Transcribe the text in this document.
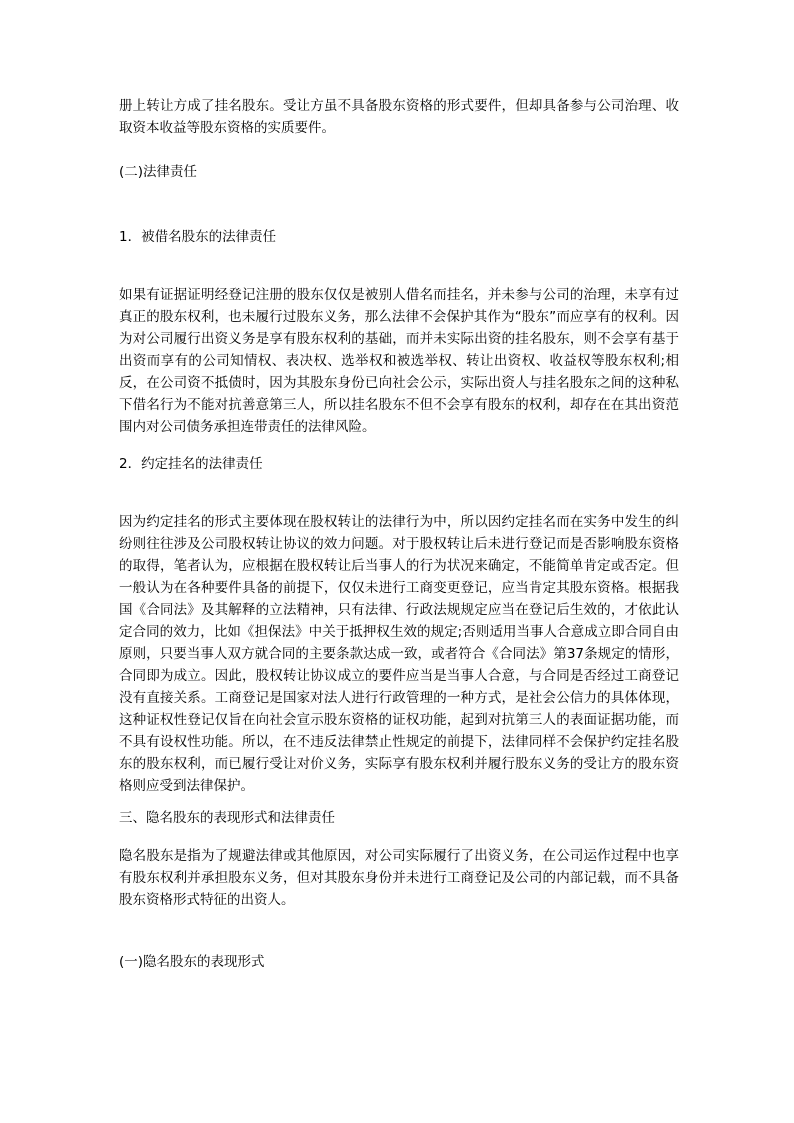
册上转让方成了挂名股东。受让方虽不具备股东资格的形式要件，但却具备参与公司治理、收取资本收益等股东资格的实质要件。

(二)法律责任

1．被借名股东的法律责任

如果有证据证明经登记注册的股东仅仅是被别人借名而挂名，并未参与公司的治理，未享有过真正的股东权利，也未履行过股东义务，那么法律不会保护其作为“股东”而应享有的权利。因为对公司履行出资义务是享有股东权利的基础，而并未实际出资的挂名股东，则不会享有基于出资而享有的公司知情权、表决权、选举权和被选举权、转让出资权、收益权等股东权利;相反，在公司资不抵债时，因为其股东身份已向社会公示，实际出资人与挂名股东之间的这种私下借名行为不能对抗善意第三人，所以挂名股东不但不会享有股东的权利，却存在在其出资范围内对公司债务承担连带责任的法律风险。

2．约定挂名的法律责任

因为约定挂名的形式主要体现在股权转让的法律行为中，所以因约定挂名而在实务中发生的纠纷则往往涉及公司股权转让协议的效力问题。对于股权转让后未进行登记而是否影响股东资格的取得，笔者认为，应根据在股权转让后当事人的行为状况来确定，不能简单肯定或否定。但一般认为在各种要件具备的前提下，仅仅未进行工商变更登记，应当肯定其股东资格。根据我国《合同法》及其解释的立法精神，只有法律、行政法规规定应当在登记后生效的，才依此认定合同的效力，比如《担保法》中关于抵押权生效的规定;否则适用当事人合意成立即合同自由原则，只要当事人双方就合同的主要条款达成一致，或者符合《合同法》第37条规定的情形，合同即为成立。因此，股权转让协议成立的要件应当是当事人合意，与合同是否经过工商登记没有直接关系。工商登记是国家对法人进行行政管理的一种方式，是社会公信力的具体体现，这种证权性登记仅旨在向社会宣示股东资格的证权功能，起到对抗第三人的表面证据功能，而不具有设权性功能。所以，在不违反法律禁止性规定的前提下，法律同样不会保护约定挂名股东的股东权利，而已履行受让对价义务，实际享有股东权利并履行股东义务的受让方的股东资格则应受到法律保护。

三、隐名股东的表现形式和法律责任

隐名股东是指为了规避法律或其他原因，对公司实际履行了出资义务，在公司运作过程中也享有股东权利并承担股东义务，但对其股东身份并未进行工商登记及公司的内部记载，而不具备股东资格形式特征的出资人。

(一)隐名股东的表现形式
